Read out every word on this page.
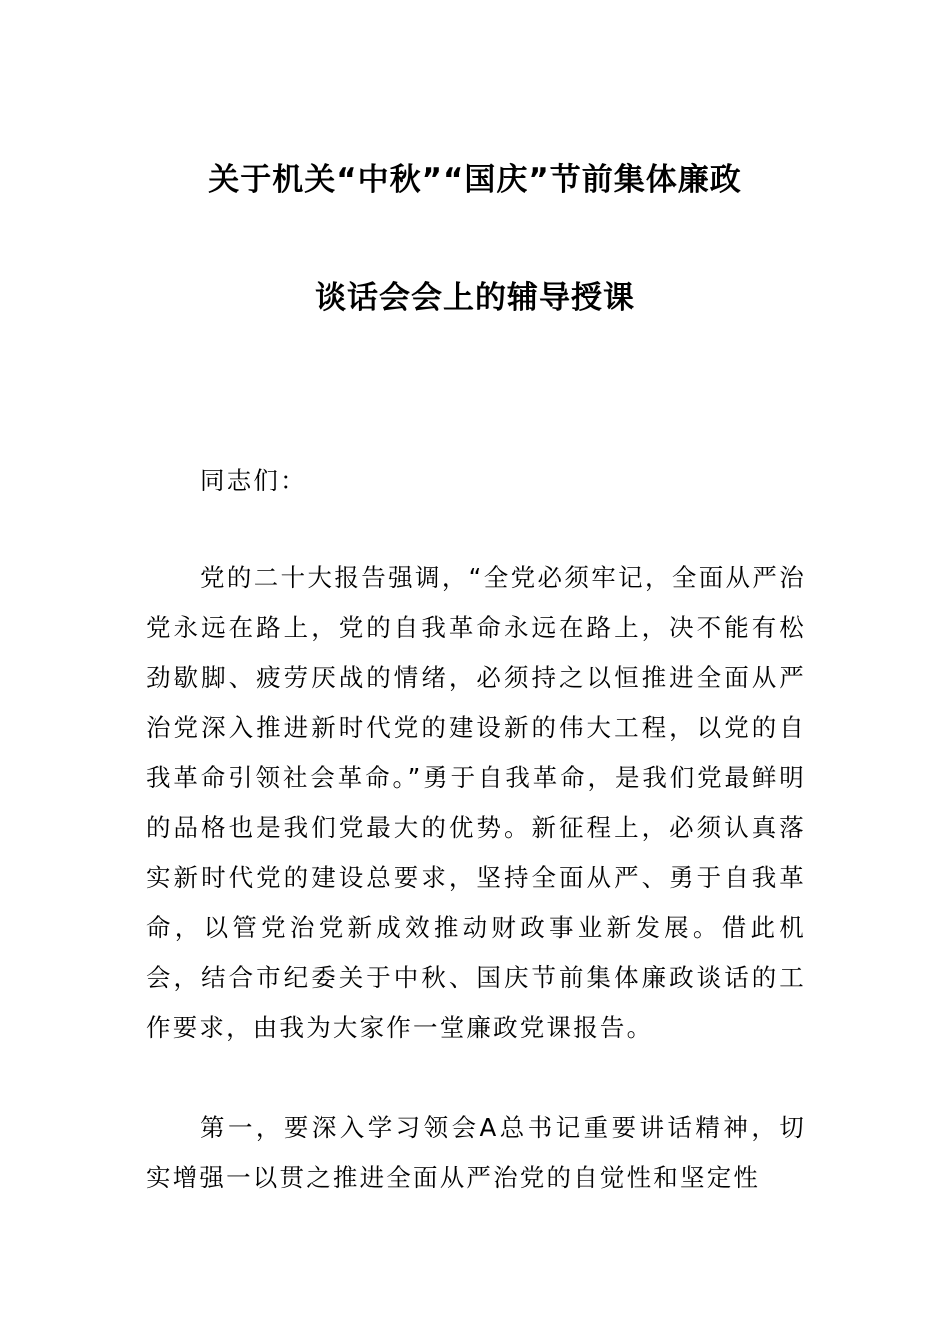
关于机关“中秋”“国庆”节前集体廉政
谈话会会上的辅导授课
同志们：
党的二十大报告强调，“全党必须牢记，全面从严治党永远在路上，党的自我革命永远在路上，决不能有松劲歇脚、疲劳厌战的情绪，必须持之以恒推进全面从严治党深入推进新时代党的建设新的伟大工程，以党的自我革命引领社会革命。”勇于自我革命，是我们党最鲜明的品格也是我们党最大的优势。新征程上，必须认真落实新时代党的建设总要求，坚持全面从严、勇于自我革命，以管党治党新成效推动财政事业新发展。借此机会，结合市纪委关于中秋、国庆节前集体廉政谈话的工作要求，由我为大家作一堂廉政党课报告。
第一，要深入学习领会A总书记重要讲话精神，切实增强一以贯之推进全面从严治党的自觉性和坚定性
